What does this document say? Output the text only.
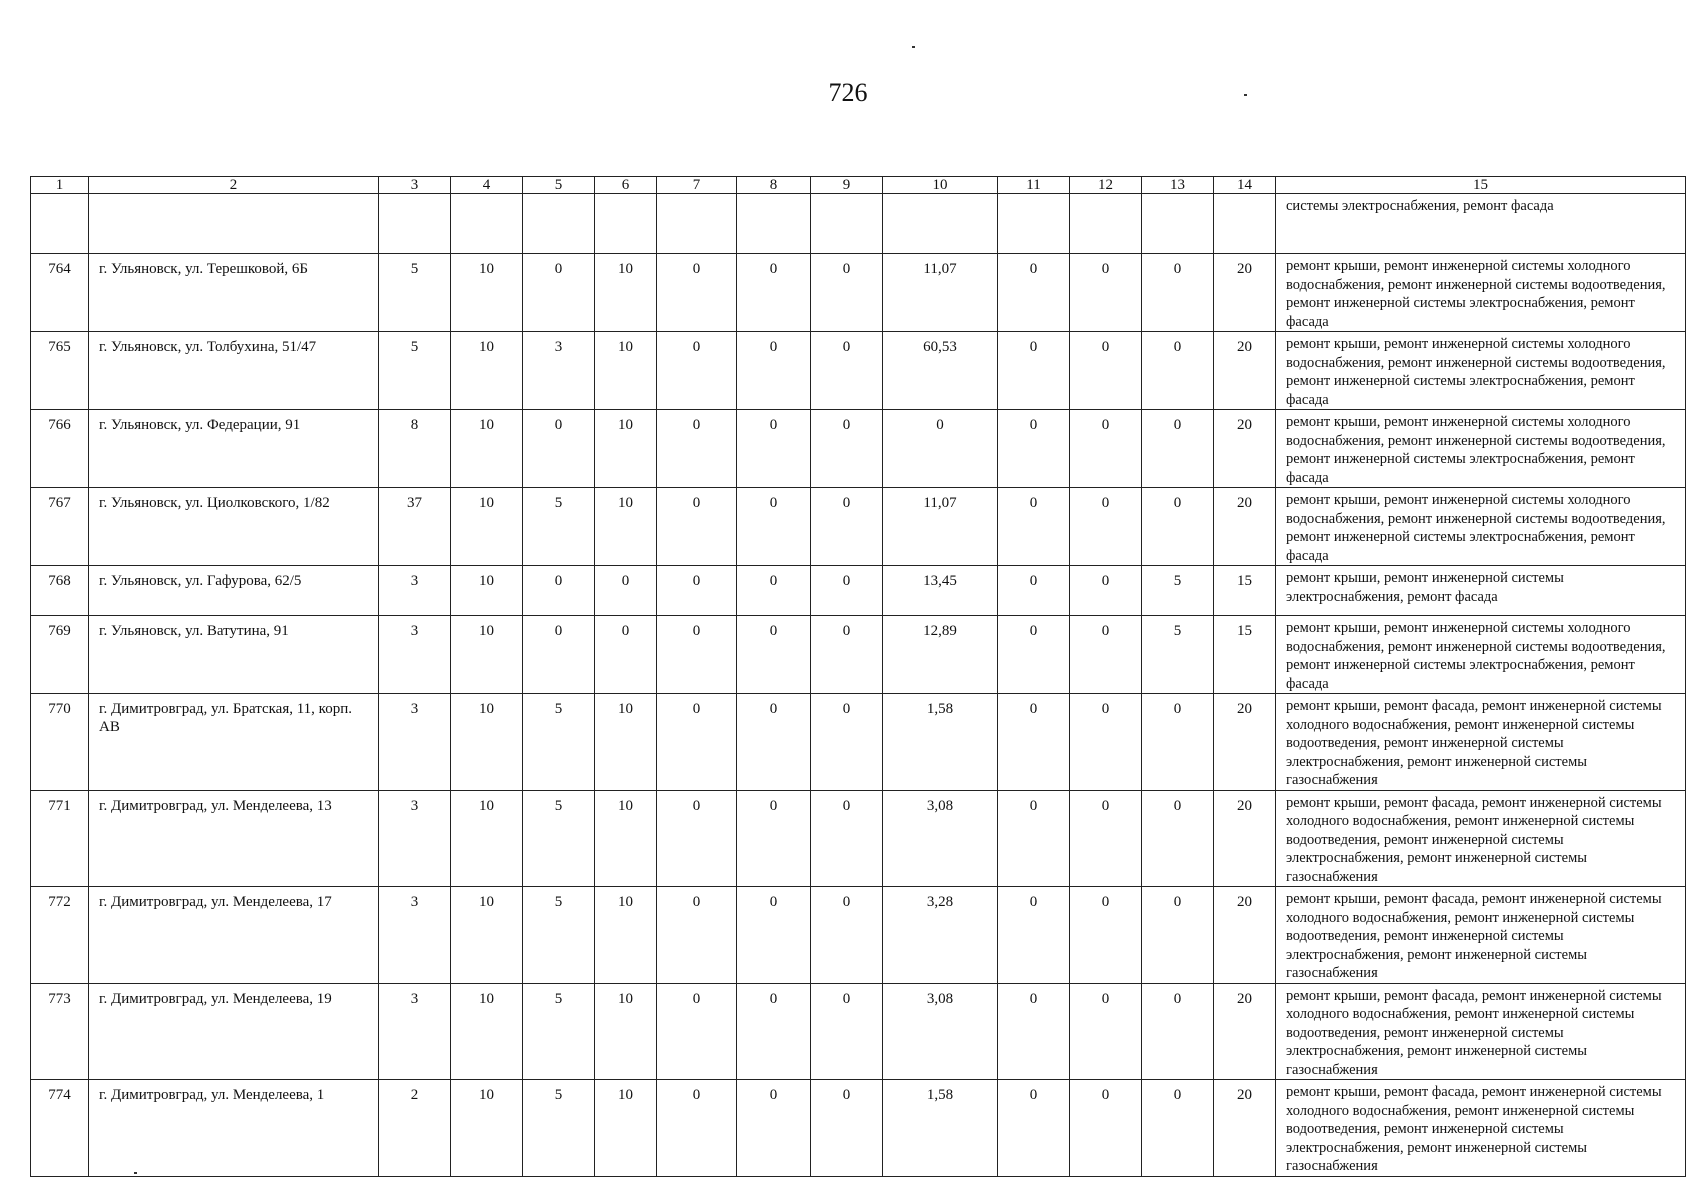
726
1	2	3	4	5	6	7	8	9	10	11	12	13	14	15
														системы электроснабжения, ремонт фасада
764	г. Ульяновск, ул. Терешковой, 6Б	5	10	0	10	0	0	0	11,07	0	0	0	20	ремонт крыши, ремонт инженерной системы холодного водоснабжения, ремонт инженерной системы водоотведения, ремонт инженерной системы электроснабжения, ремонт фасада
765	г. Ульяновск, ул. Толбухина, 51/47	5	10	3	10	0	0	0	60,53	0	0	0	20	ремонт крыши, ремонт инженерной системы холодного водоснабжения, ремонт инженерной системы водоотведения, ремонт инженерной системы электроснабжения, ремонт фасада
766	г. Ульяновск, ул. Федерации, 91	8	10	0	10	0	0	0	0	0	0	0	20	ремонт крыши, ремонт инженерной системы холодного водоснабжения, ремонт инженерной системы водоотведения, ремонт инженерной системы электроснабжения, ремонт фасада
767	г. Ульяновск, ул. Циолковского, 1/82	37	10	5	10	0	0	0	11,07	0	0	0	20	ремонт крыши, ремонт инженерной системы холодного водоснабжения, ремонт инженерной системы водоотведения, ремонт инженерной системы электроснабжения, ремонт фасада
768	г. Ульяновск, ул. Гафурова, 62/5	3	10	0	0	0	0	0	13,45	0	0	5	15	ремонт крыши, ремонт инженерной системы электроснабжения, ремонт фасада
769	г. Ульяновск, ул. Ватутина, 91	3	10	0	0	0	0	0	12,89	0	0	5	15	ремонт крыши, ремонт инженерной системы холодного водоснабжения, ремонт инженерной системы водоотведения, ремонт инженерной системы электроснабжения, ремонт фасада
770	г. Димитровград, ул. Братская, 11, корп. АВ	3	10	5	10	0	0	0	1,58	0	0	0	20	ремонт крыши, ремонт фасада, ремонт инженерной системы холодного водоснабжения, ремонт инженерной системы водоотведения, ремонт инженерной системы электроснабжения, ремонт инженерной системы газоснабжения
771	г. Димитровград, ул. Менделеева, 13	3	10	5	10	0	0	0	3,08	0	0	0	20	ремонт крыши, ремонт фасада, ремонт инженерной системы холодного водоснабжения, ремонт инженерной системы водоотведения, ремонт инженерной системы электроснабжения, ремонт инженерной системы газоснабжения
772	г. Димитровград, ул. Менделеева, 17	3	10	5	10	0	0	0	3,28	0	0	0	20	ремонт крыши, ремонт фасада, ремонт инженерной системы холодного водоснабжения, ремонт инженерной системы водоотведения, ремонт инженерной системы электроснабжения, ремонт инженерной системы газоснабжения
773	г. Димитровград, ул. Менделеева, 19	3	10	5	10	0	0	0	3,08	0	0	0	20	ремонт крыши, ремонт фасада, ремонт инженерной системы холодного водоснабжения, ремонт инженерной системы водоотведения, ремонт инженерной системы электроснабжения, ремонт инженерной системы газоснабжения
774	г. Димитровград, ул. Менделеева, 1	2	10	5	10	0	0	0	1,58	0	0	0	20	ремонт крыши, ремонт фасада, ремонт инженерной системы холодного водоснабжения, ремонт инженерной системы водоотведения, ремонт инженерной системы электроснабжения, ремонт инженерной системы газоснабжения
